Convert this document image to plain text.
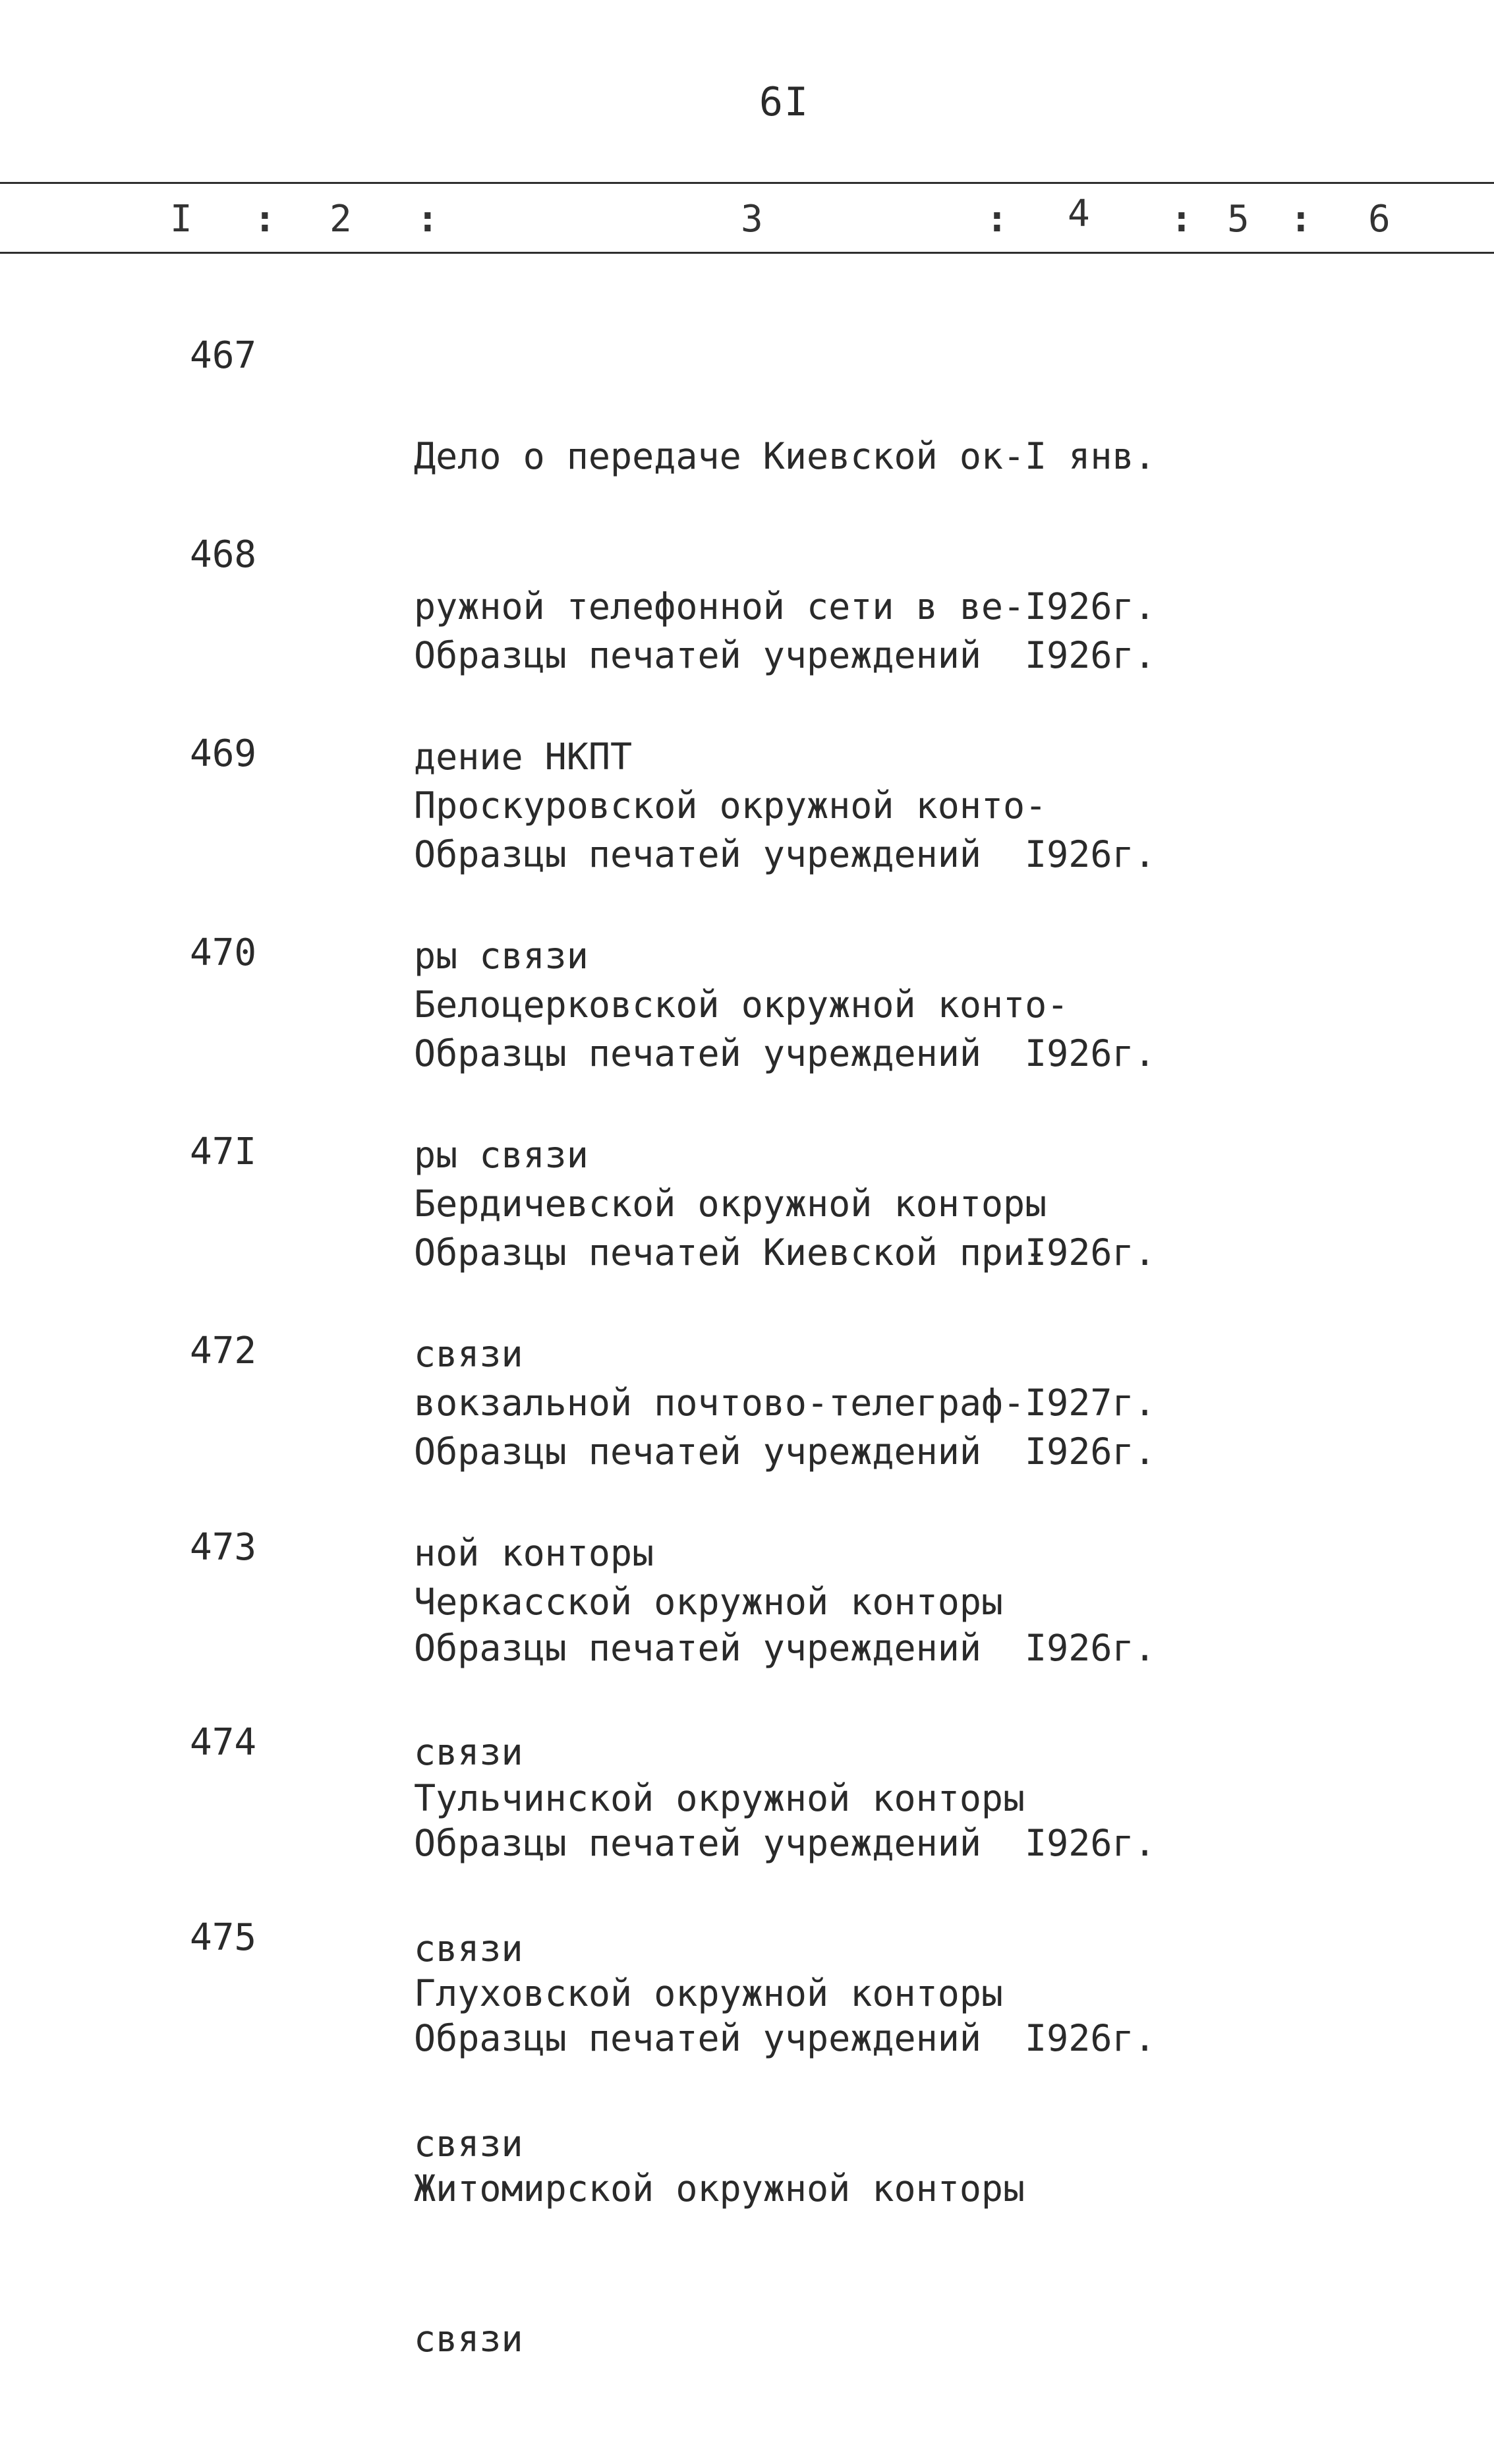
6I
I : 2 :	3	: 4 : 5 : 6
467

Дело о передаче Киевской ок-

ружной телефонной сети в ве-

дение НКПТ

I янв.

I926г.

468

Образцы печатей учреждений

Проскуровской окружной конто-

ры связи

I926г.

469

Образцы печатей учреждений

Белоцерковской окружной конто-

ры связи

I926г.

470

Образцы печатей учреждений

Бердичевской окружной конторы

связи

I926г.

47I

Образцы печатей Киевской при-

вокзальной почтово-телеграф-

ной конторы

I926г.

I927г.

472

Образцы печатей учреждений

Черкасской окружной конторы

связи

I926г.

473

Образцы печатей учреждений

Тульчинской окружной конторы

связи

I926г.

474

Образцы печатей учреждений

Глуховской окружной конторы

связи

I926г.

475

Образцы печатей учреждений

Житомирской окружной конторы

связи

I926г.
